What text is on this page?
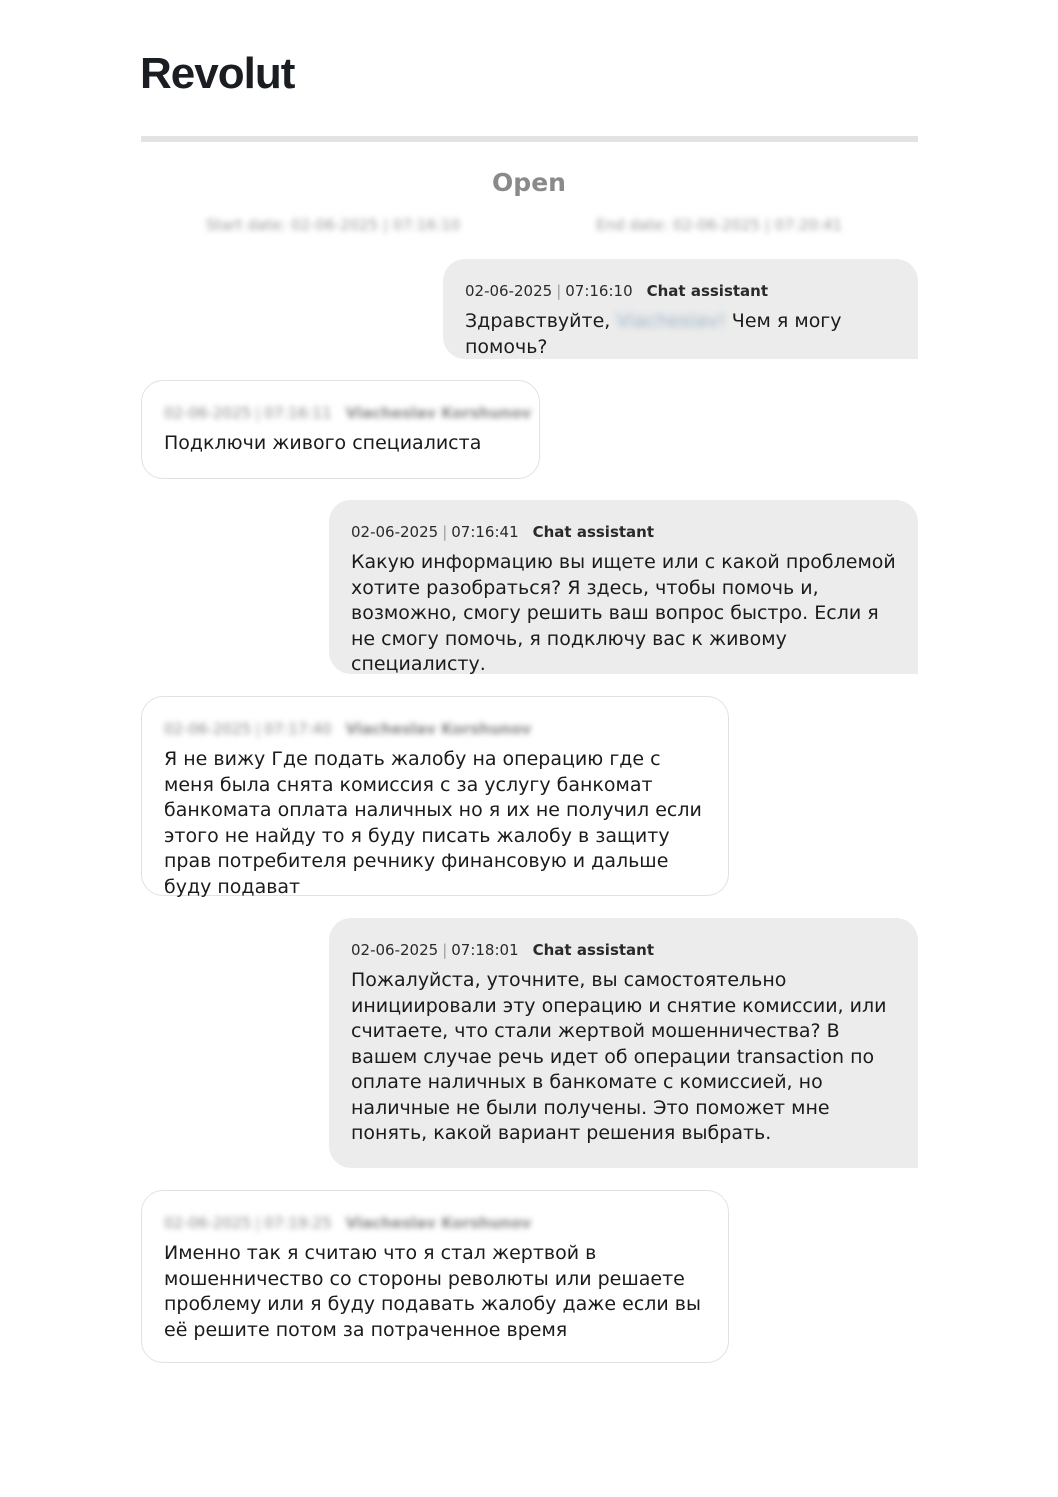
Revolut
Open
Start date: 02-06-2025 | 07:16:10	End date: 02-06-2025 | 07:20:41
02-06-2025 | 07:16:10 Chat assistant
Здравствуйте, Viacheslav! Чем я могу помочь?
02-06-2025 | 07:16:11 Viacheslav Korshunov
Подключи живого специалиста
02-06-2025 | 07:16:41 Chat assistant
Какую информацию вы ищете или с какой проблемой хотите разобраться? Я здесь, чтобы помочь и, возможно, смогу решить ваш вопрос быстро. Если я не смогу помочь, я подключу вас к живому специалисту.
02-06-2025 | 07:17:40 Viacheslav Korshunov
Я не вижу Где подать жалобу на операцию где с меня была снята комиссия с за услугу банкомат банкомата оплата наличных но я их не получил если этого не найду то я буду писать жалобу в защиту прав потребителя речнику финансовую и дальше буду подават
02-06-2025 | 07:18:01 Chat assistant
Пожалуйста, уточните, вы самостоятельно инициировали эту операцию и снятие комиссии, или считаете, что стали жертвой мошенничества? В вашем случае речь идет об операции transaction по оплате наличных в банкомате с комиссией, но наличные не были получены. Это поможет мне понять, какой вариант решения выбрать.
02-06-2025 | 07:19:25 Viacheslav Korshunov
Именно так я считаю что я стал жертвой в мошенничество со стороны революты или решаете проблему или я буду подавать жалобу даже если вы её решите потом за потраченное время
